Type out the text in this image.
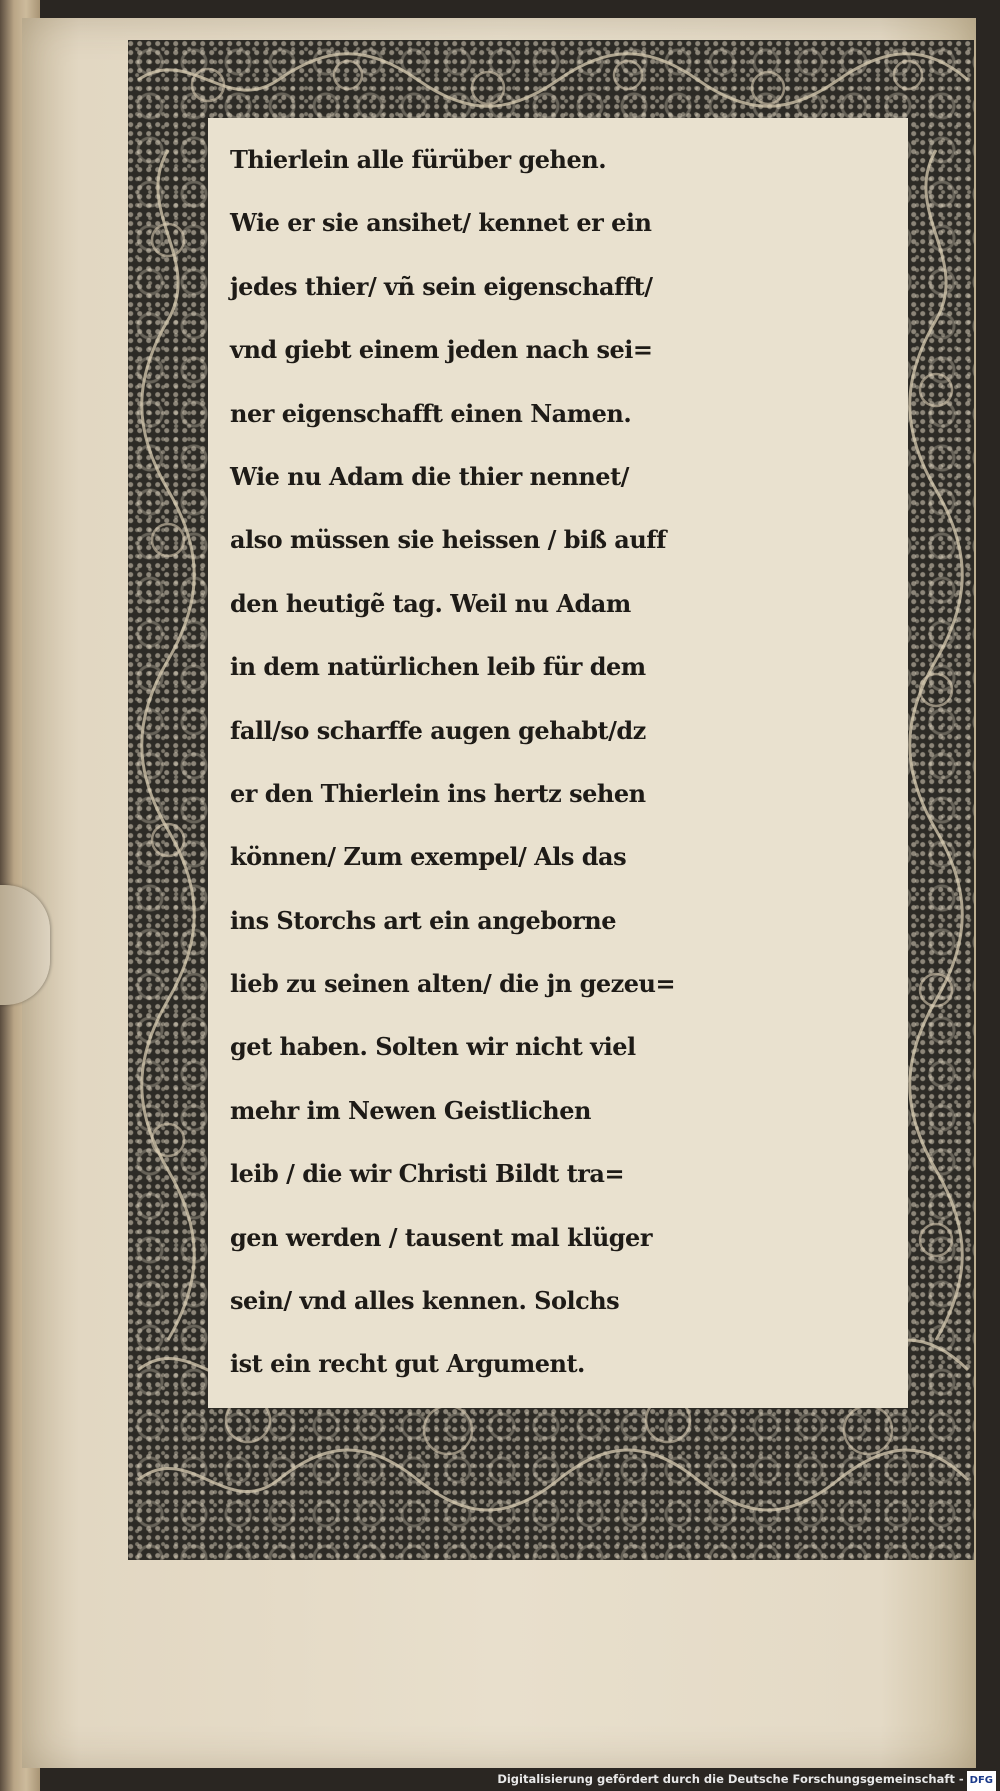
Thierlein alle fürüber gehen.
Wie er sie ansihet/ kennet er ein
jedes thier/ vñ sein eigenschafft/
vnd giebt einem jeden nach sei=
ner eigenschafft einen Namen.
Wie nu Adam die thier nennet/
also müssen sie heissen / biß auff
den heutigẽ tag. Weil nu Adam
in dem natürlichen leib für dem
fall/so scharffe augen gehabt/dz
er den Thierlein ins hertz sehen
können/ Zum exempel/ Als das
ins Storchs art ein angeborne
lieb zu seinen alten/ die jn gezeu=
get haben. Solten wir nicht viel
mehr im Newen Geistlichen
leib / die wir Christi Bildt tra=
gen werden / tausent mal klüger
sein/ vnd alles kennen. Solchs
ist ein recht gut Argument.
Digitalisierung gefördert durch die Deutsche Forschungsgemeinschaft - DFG
